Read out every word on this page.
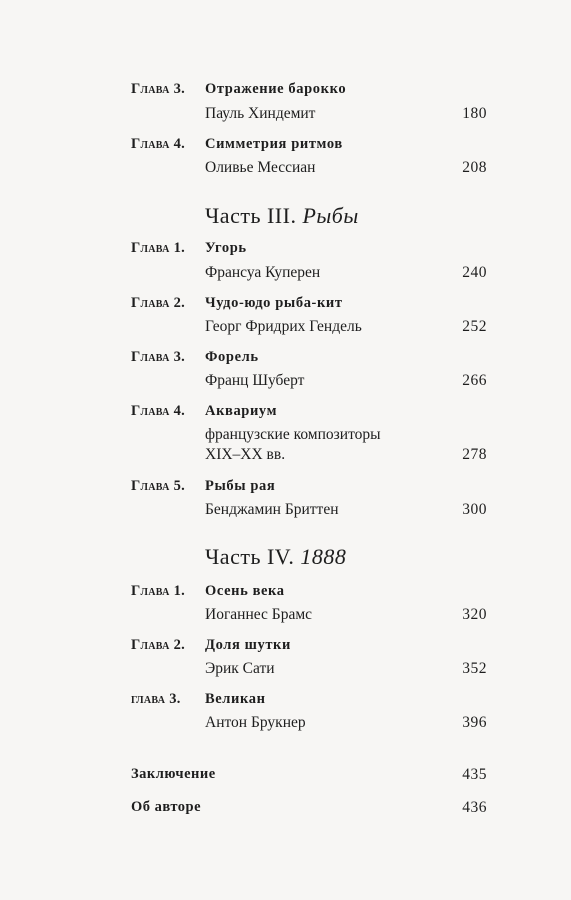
Глава 3. Отражение барокко
Пауль Хиндемит	180
Глава 4. Симметрия ритмов
Оливье Мессиан	208
Часть III. Рыбы
Глава 1. Угорь
Франсуа Куперен	240
Глава 2. Чудо-юдо рыба-кит
Георг Фридрих Гендель	252
Глава 3. Форель
Франц Шуберт	266
Глава 4. Аквариум
французские композиторы
XIX–XX вв.	278
Глава 5. Рыбы рая
Бенджамин Бриттен	300
Часть IV. 1888
Глава 1. Осень века
Иоганнес Брамс	320
Глава 2. Доля шутки
Эрик Сати	352
глава 3. Великан
Антон Брукнер	396
Заключение	435
Об авторе	436
